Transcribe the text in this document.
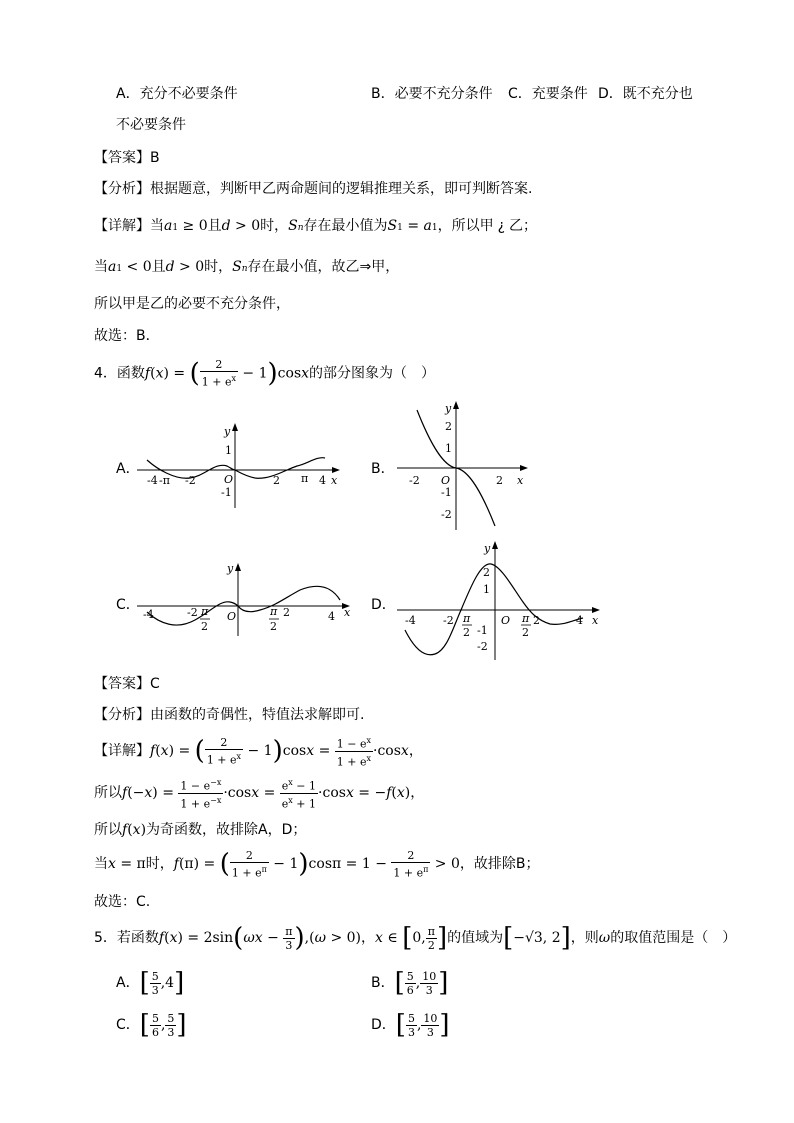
A．充分不必要条件	B．必要不充分条件 C．充要条件 D．既不充分也
不必要条件
【答案】B
【分析】根据题意，判断甲乙两命题间的逻辑推理关系，即可判断答案.
【详解】当a1 ≥ 0且d > 0时，Sn存在最小值为S1 = a1，所以甲 ¿ 乙；
当a1 < 0且d > 0时，Sn存在最小值，故乙⇒甲，
所以甲是乙的必要不充分条件，
故选：B．
4．函数f(x) = ( $\frac{2}{1 + e^x} - 1)\cos x$的部分图象为（　）
A．
-4 -π -2	2 π 4
1
-1
O	x
y
B．
-2	2
2
1
-1
-2
O	x
y
C．
-4	-2 π
2
O	π
2
2	4 x
y
D．
-4 -2 π
2
O π
2
2	4
2
1
-1
-2
x
y
【答案】C
【分析】由函数的奇偶性，特值法求解即可.
【详解】f(x) = ( $\frac{2}{1 + e^x} - 1)\cos x = \frac{1 - e^x}{1 + e^x} \cdot\cos x$，
所以$f(-x) = \frac{1 - e^{-x}}{1 + e^{-x}} \cdot\cos x = \frac{e^x - 1}{e^x + 1} \cdot\cos x = -f(x)$，
所以f(x)为奇函数，故排除A，D；
当x = π时，f(π) = ( $\frac{2}{1 + e^\pi} - 1)\cos\pi = 1 - \frac{2}{1 + e^\pi} > 0$，故排除B；
故选：C.
5．若函数$f(x) = 2\sin(\omega x - \frac{\pi}{3} ),(\omega > 0)$，x ∈ [0, $\frac{\pi}{2}$ ]的值域为[−√3, 2]，则ω的取值范围是（　）
A．[ $\frac{5}{3} ,4$]	B．[ $\frac{5}{6}$ , $\frac{10}{3}$ ]
C．[ $\frac{5}{6}$ , $\frac{5}{3}$ ]	D．[ $\frac{5}{3}$ , $\frac{10}{3}$ ]
